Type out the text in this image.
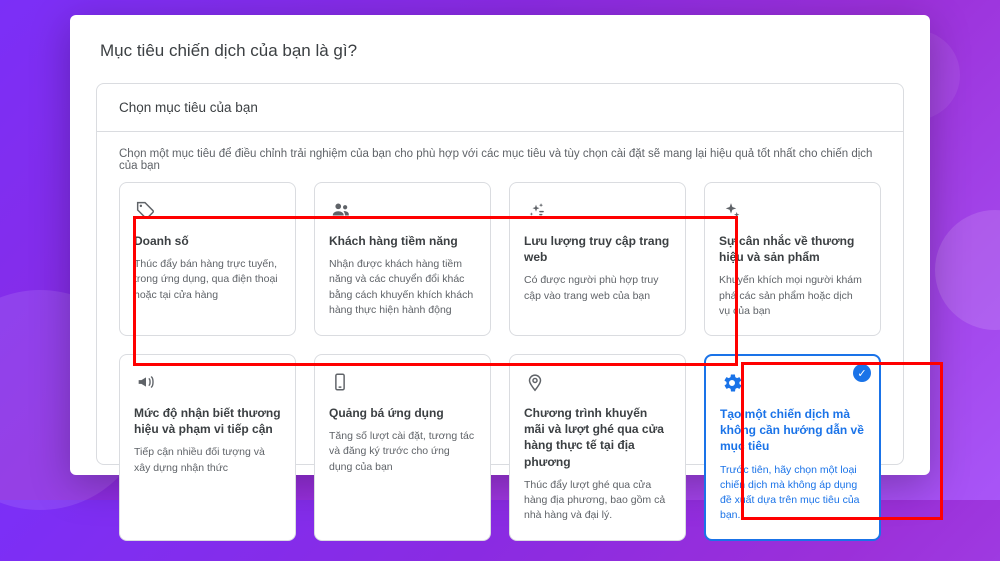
Mục tiêu chiến dịch của bạn là gì?
Chọn mục tiêu của bạn
Chọn một mục tiêu để điều chỉnh trải nghiệm của bạn cho phù hợp với các mục tiêu và tùy chọn cài đặt sẽ mang lại hiệu quả tốt nhất cho chiến dịch của bạn
Doanh số
Thúc đẩy bán hàng trực tuyến, trong ứng dụng, qua điện thoại hoặc tại cửa hàng
Khách hàng tiềm năng
Nhận được khách hàng tiềm năng và các chuyển đổi khác bằng cách khuyến khích khách hàng thực hiện hành động
Lưu lượng truy cập trang web
Có được người phù hợp truy cập vào trang web của bạn
Sự cân nhắc về thương hiệu và sản phẩm
Khuyến khích mọi người khám phá các sản phẩm hoặc dịch vụ của bạn
Mức độ nhận biết thương hiệu và phạm vi tiếp cận
Tiếp cận nhiều đối tượng và xây dựng nhận thức
Quảng bá ứng dụng
Tăng số lượt cài đặt, tương tác và đăng ký trước cho ứng dụng của bạn
Chương trình khuyến mãi và lượt ghé qua cửa hàng thực tế tại địa phương
Thúc đẩy lượt ghé qua cửa hàng địa phương, bao gồm cả nhà hàng và đại lý.
✓
Tạo một chiến dịch mà không cần hướng dẫn về mục tiêu
Trước tiên, hãy chọn một loại chiến dịch mà không áp dụng đề xuất dựa trên mục tiêu của bạn.
